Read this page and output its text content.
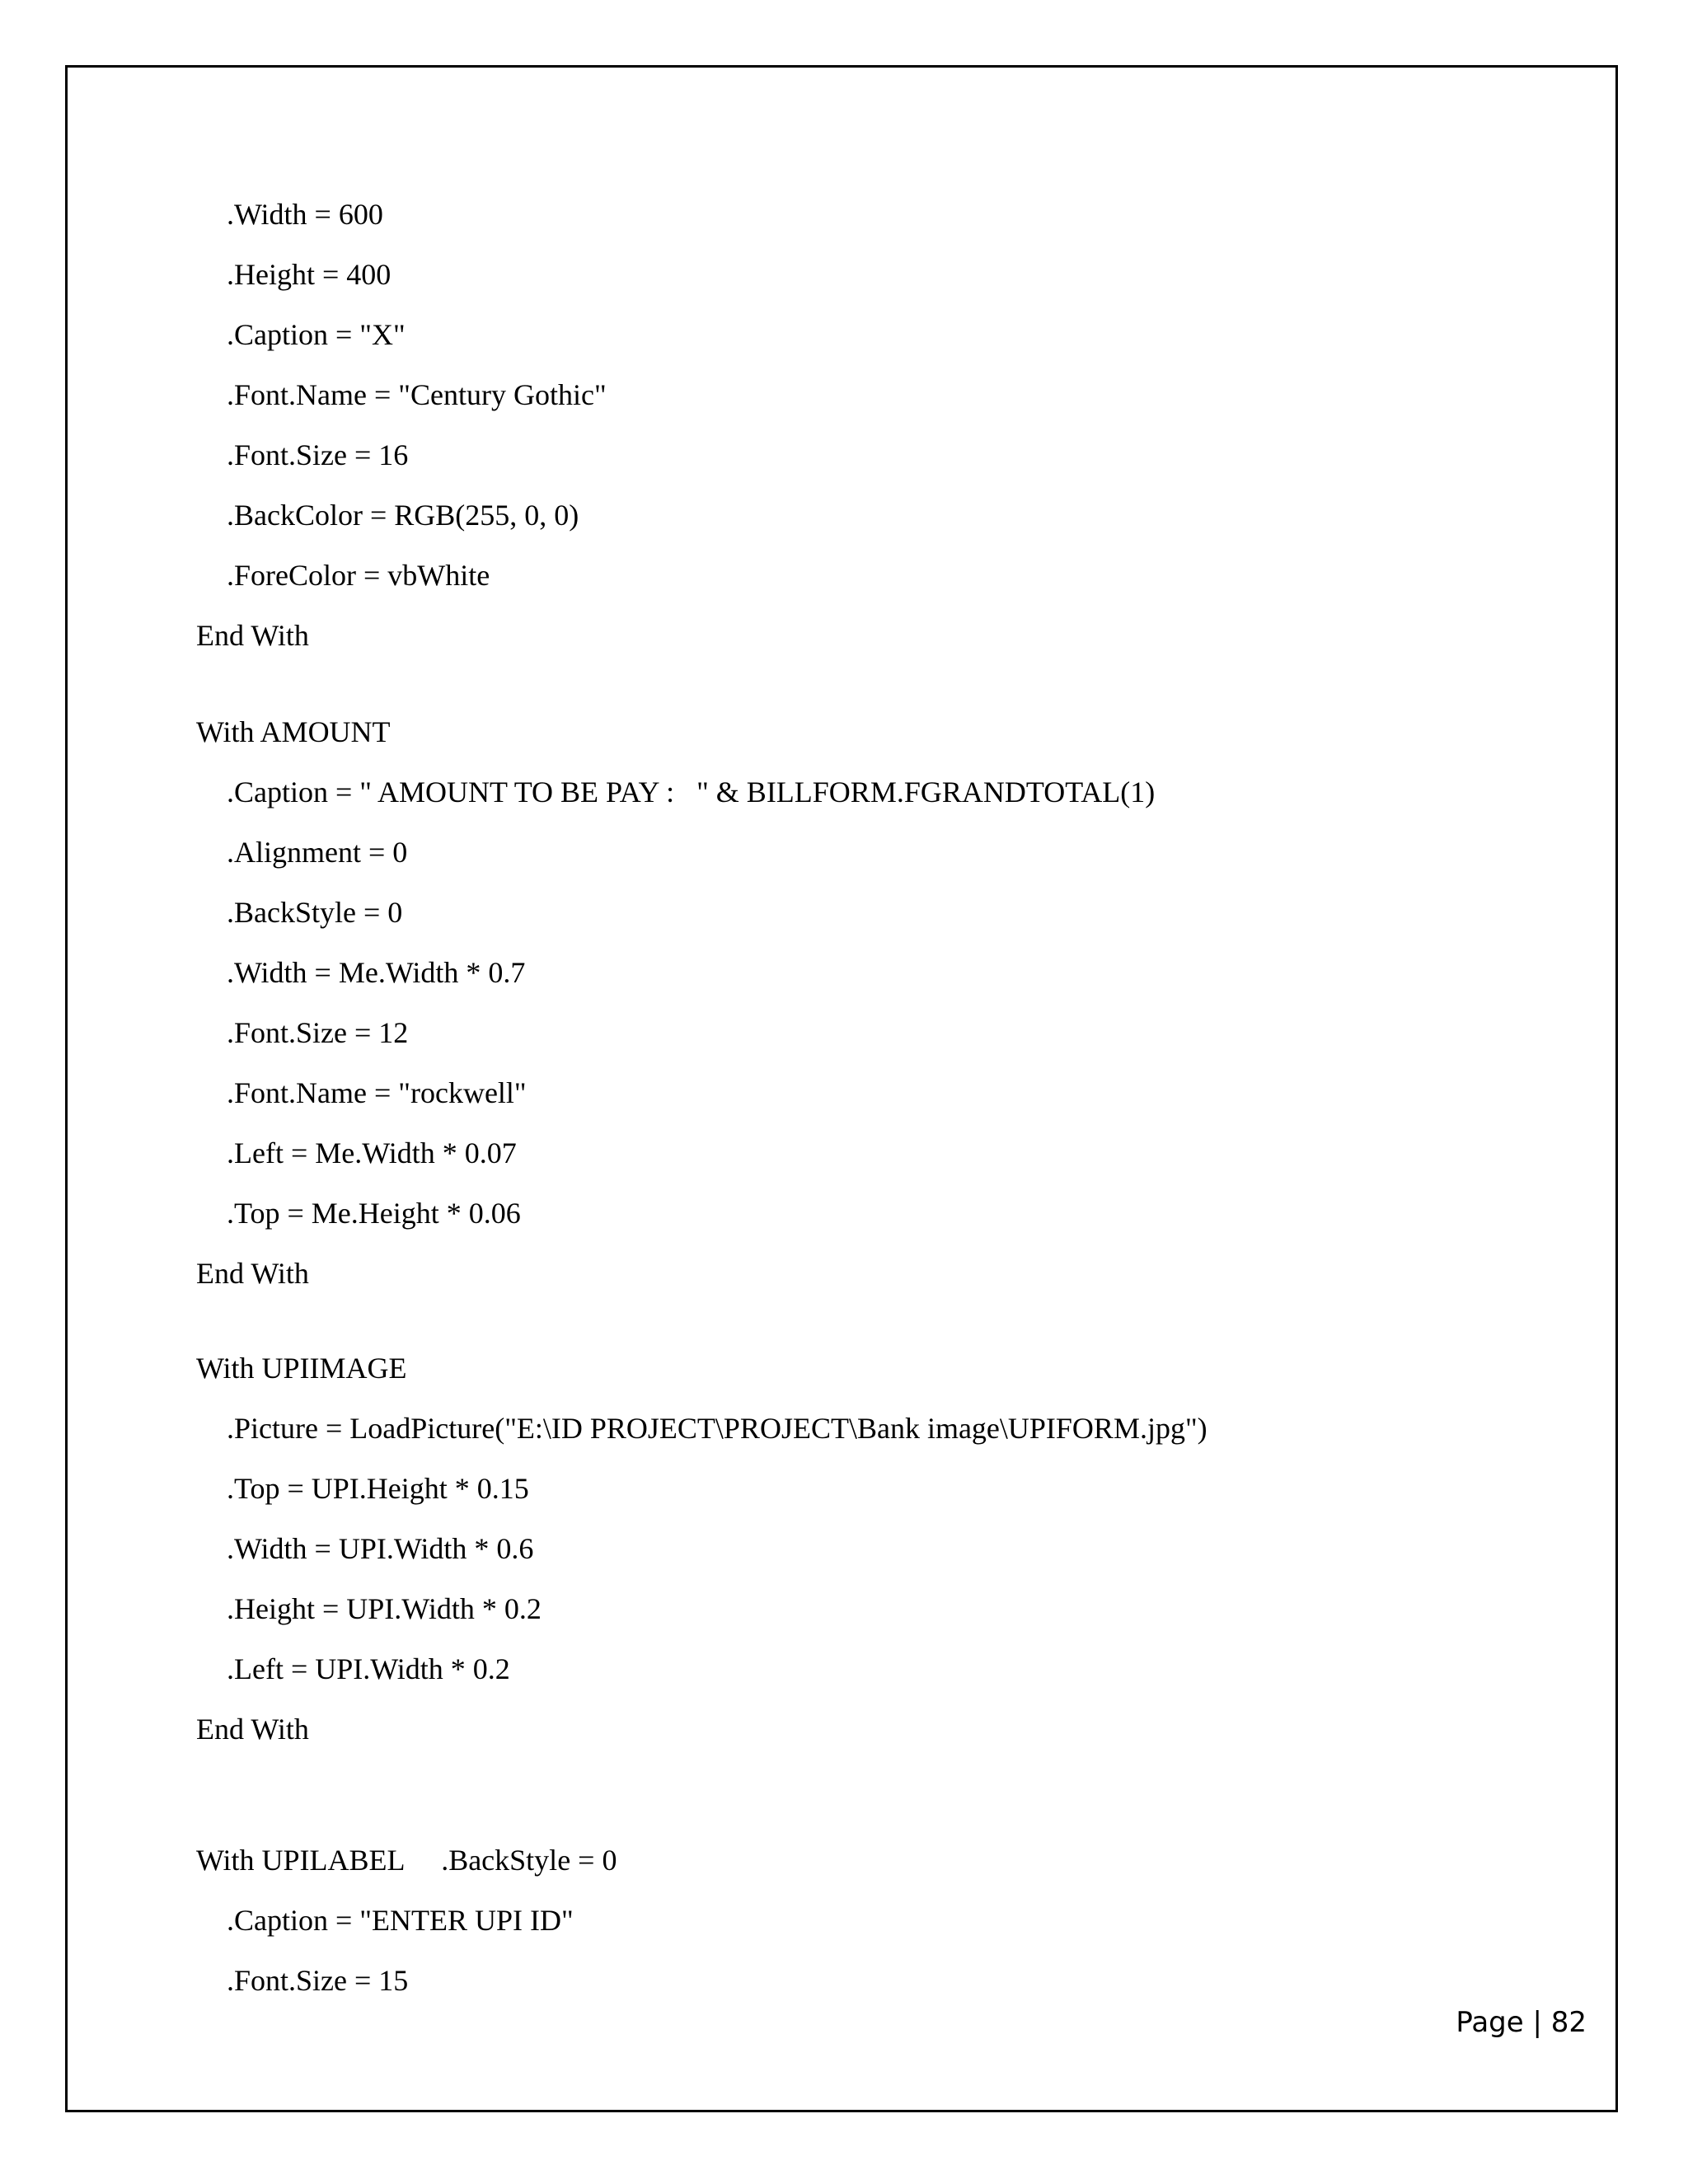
.Width = 600
.Height = 400
.Caption = "X"
.Font.Name = "Century Gothic"
.Font.Size = 16
.BackColor = RGB(255, 0, 0)
.ForeColor = vbWhite
End With
With AMOUNT
.Caption = " AMOUNT TO BE PAY :   " & BILLFORM.FGRANDTOTAL(1)
.Alignment = 0
.BackStyle = 0
.Width = Me.Width * 0.7
.Font.Size = 12
.Font.Name = "rockwell"
.Left = Me.Width * 0.07
.Top = Me.Height * 0.06
End With
With UPIIMAGE
.Picture = LoadPicture("E:\ID PROJECT\PROJECT\Bank image\UPIFORM.jpg")
.Top = UPI.Height * 0.15
.Width = UPI.Width * 0.6
.Height = UPI.Width * 0.2
.Left = UPI.Width * 0.2
End With
With UPILABEL     .BackStyle = 0
.Caption = "ENTER UPI ID"
.Font.Size = 15
Page | 82
